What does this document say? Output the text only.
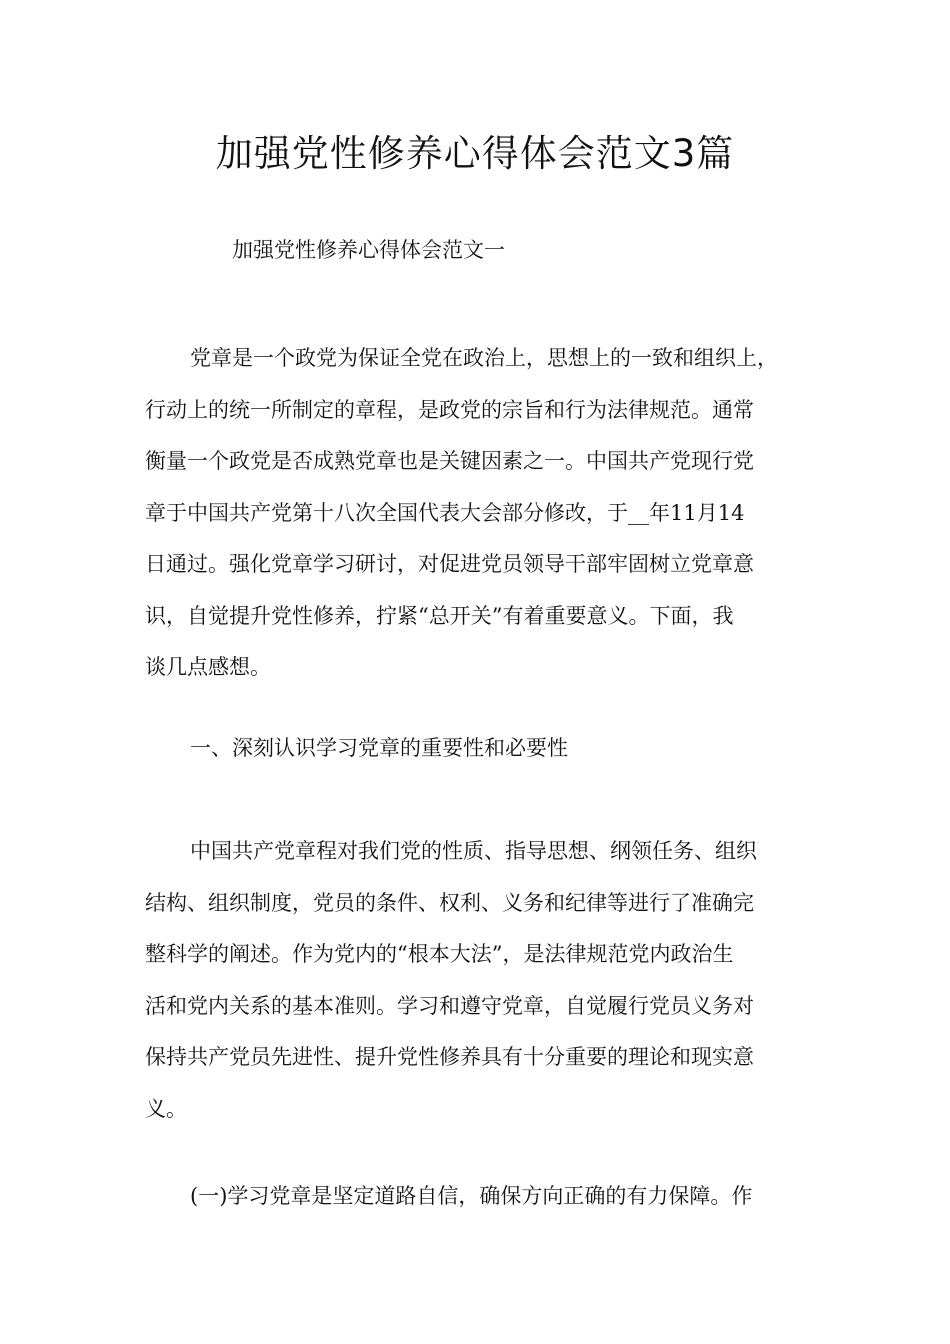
加强党性修养心得体会范文3篇
加强党性修养心得体会范文一
党章是一个政党为保证全党在政治上，思想上的一致和组织上，
行动上的统一所制定的章程，是政党的宗旨和行为法律规范。通常
衡量一个政党是否成熟党章也是关键因素之一。中国共产党现行党
章于中国共产党第十八次全国代表大会部分修改，于__年11月14
日通过。强化党章学习研讨，对促进党员领导干部牢固树立党章意
识，自觉提升党性修养，拧紧“总开关”有着重要意义。下面，我
谈几点感想。
一、深刻认识学习党章的重要性和必要性
中国共产党章程对我们党的性质、指导思想、纲领任务、组织
结构、组织制度，党员的条件、权利、义务和纪律等进行了准确完
整科学的阐述。作为党内的“根本大法”，是法律规范党内政治生
活和党内关系的基本准则。学习和遵守党章，自觉履行党员义务对
保持共产党员先进性、提升党性修养具有十分重要的理论和现实意
义。
(一)学习党章是坚定道路自信，确保方向正确的有力保障。作
